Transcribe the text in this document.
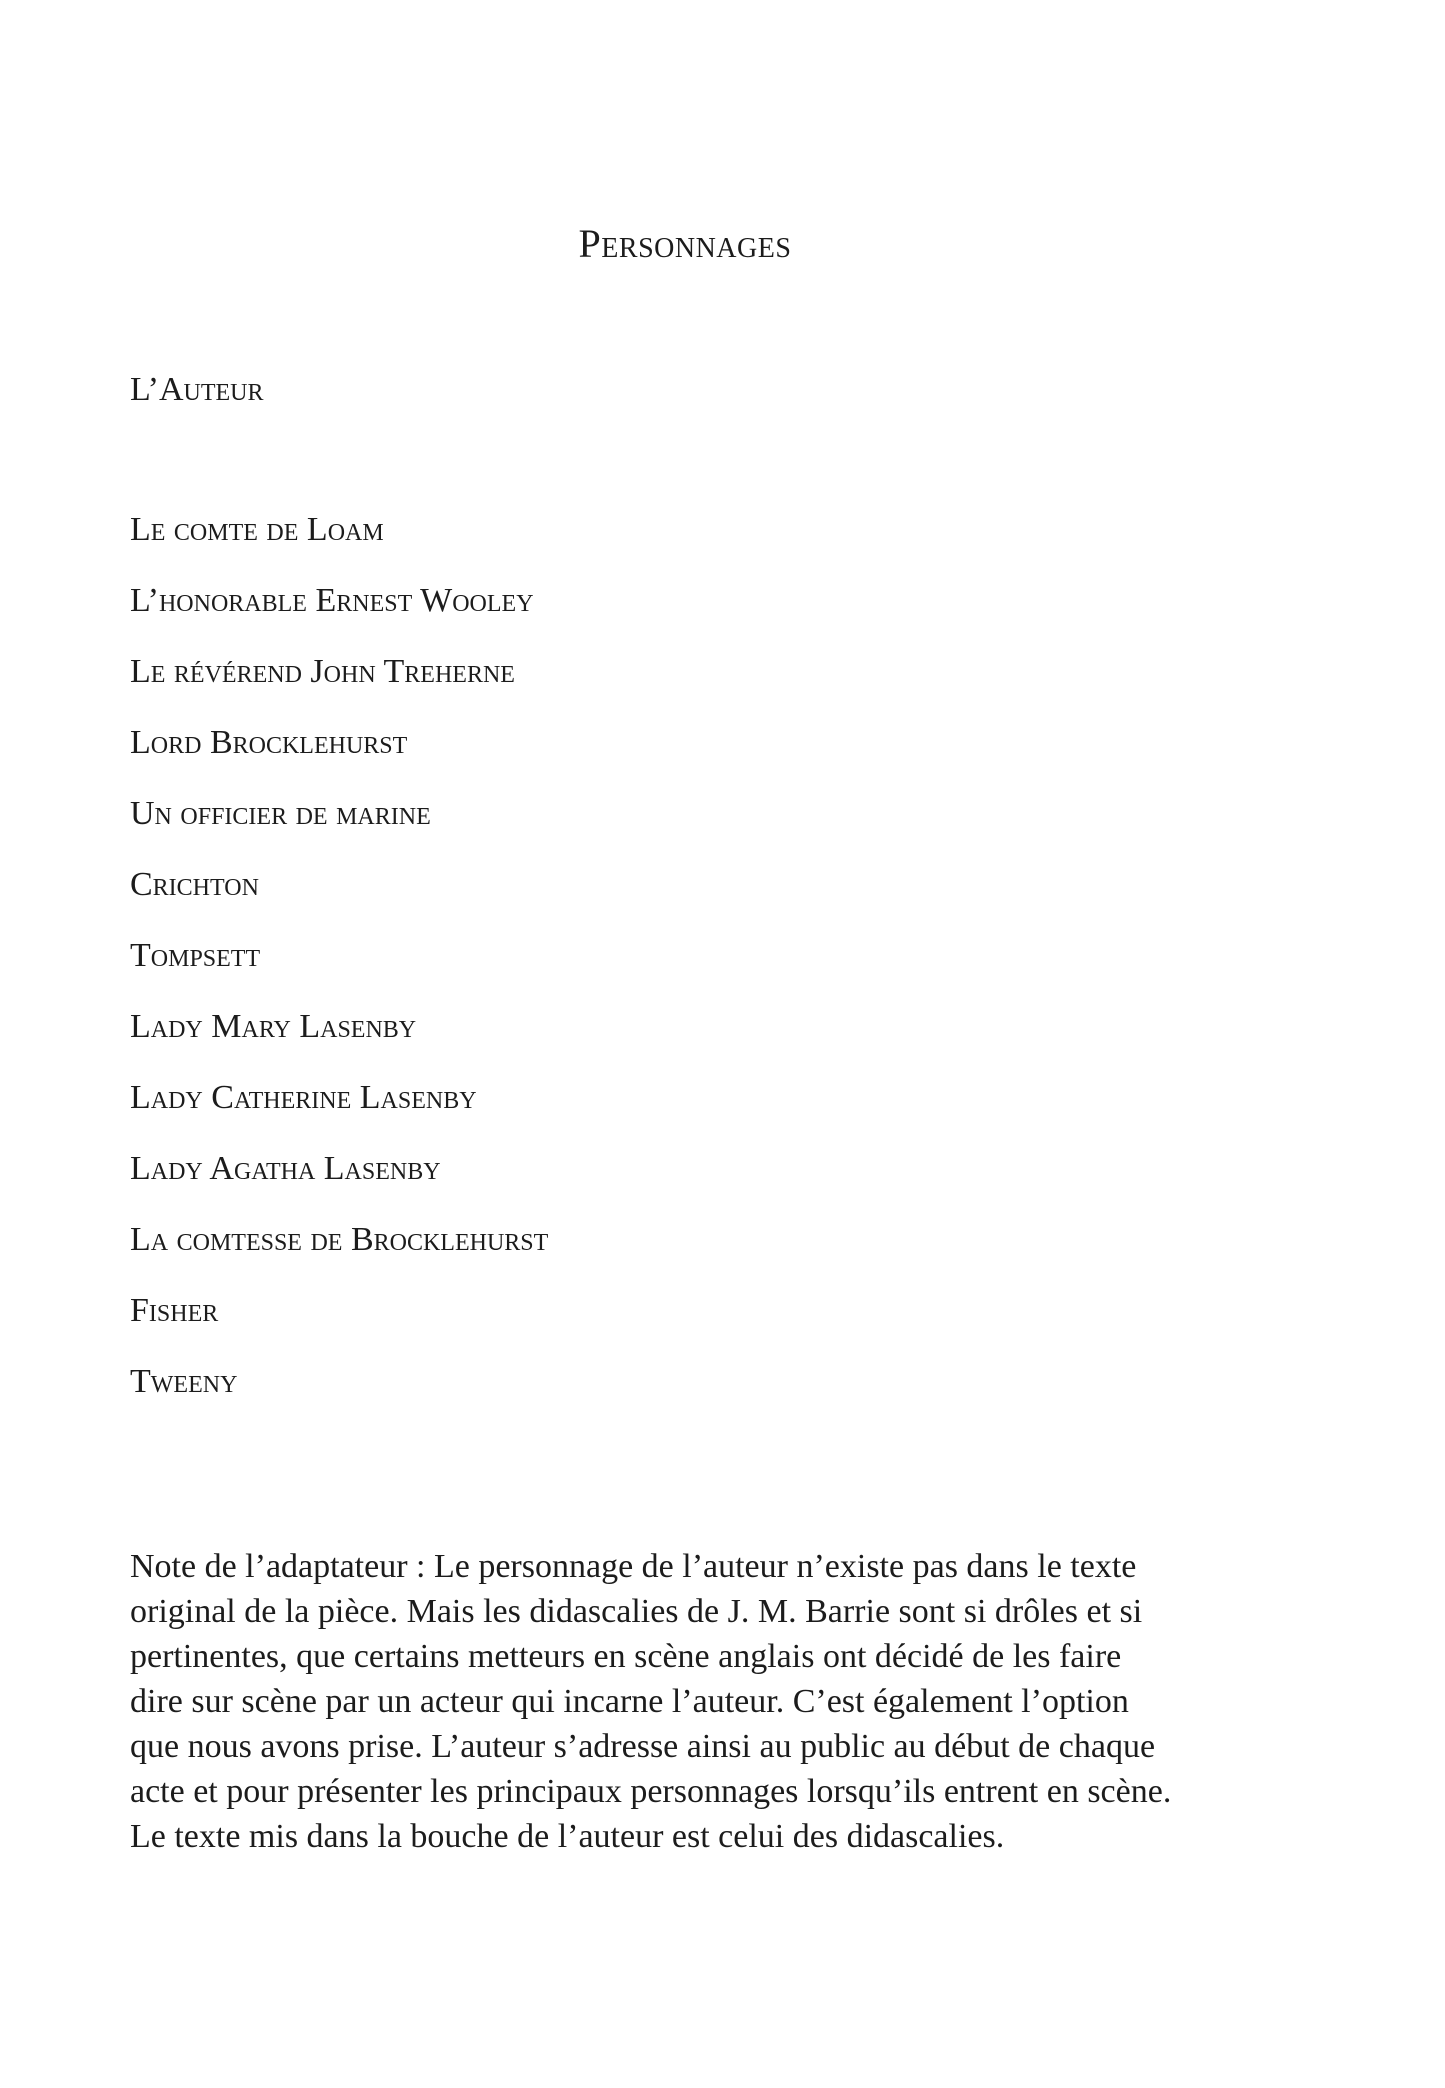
Personnages
L’Auteur
Le comte de Loam
L’honorable Ernest Wooley
Le révérend John Treherne
Lord Brocklehurst
Un officier de marine
Crichton
Tompsett
Lady Mary Lasenby
Lady Catherine Lasenby
Lady Agatha Lasenby
La comtesse de Brocklehurst
Fisher
Tweeny

Note de l’adaptateur : Le personnage de l’auteur n’existe pas dans le texte
original de la pièce. Mais les didascalies de J. M. Barrie sont si drôles et si
pertinentes, que certains metteurs en scène anglais ont décidé de les faire
dire sur scène par un acteur qui incarne l’auteur. C’est également l’option
que nous avons prise. L’auteur s’adresse ainsi au public au début de chaque
acte et pour présenter les principaux personnages lorsqu’ils entrent en scène.
Le texte mis dans la bouche de l’auteur est celui des didascalies.
